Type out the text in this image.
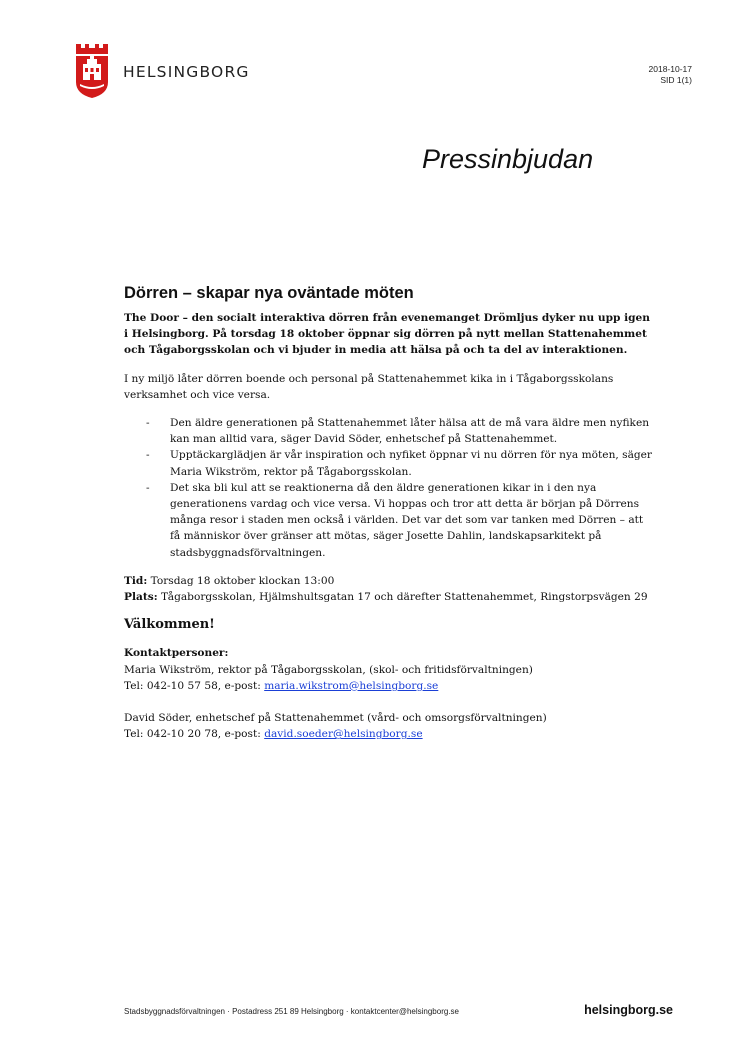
HELSINGBORG	2018-10-17
SID 1(1)
Pressinbjudan
Dörren – skapar nya oväntade möten

The Door – den socialt interaktiva dörren från evenemanget Drömljus dyker nu upp igen i Helsingborg. På torsdag 18 oktober öppnar sig dörren på nytt mellan Stattenahemmet och Tågaborgsskolan och vi bjuder in media att hälsa på och ta del av interaktionen.

I ny miljö låter dörren boende och personal på Stattenahemmet kika in i Tågaborgsskolans verksamhet och vice versa.

- Den äldre generationen på Stattenahemmet låter hälsa att de må vara äldre men nyfiken kan man alltid vara, säger David Söder, enhetschef på Stattenahemmet.
- Upptäckarglädjen är vår inspiration och nyfiket öppnar vi nu dörren för nya möten, säger Maria Wikström, rektor på Tågaborgsskolan.
- Det ska bli kul att se reaktionerna då den äldre generationen kikar in i den nya generationens vardag och vice versa. Vi hoppas och tror att detta är början på Dörrens många resor i staden men också i världen. Det var det som var tanken med Dörren – att få människor över gränser att mötas, säger Josette Dahlin, landskapsarkitekt på stadsbyggnadsförvaltningen.

Tid: Torsdag 18 oktober klockan 13:00

Plats: Tågaborgsskolan, Hjälmshultsgatan 17 och därefter Stattenahemmet, Ringstorpsvägen 29

Välkommen!

Kontaktpersoner:

Maria Wikström, rektor på Tågaborgsskolan, (skol- och fritidsförvaltningen)

Tel: 042-10 57 58, e-post: maria.wikstrom@helsingborg.se

David Söder, enhetschef på Stattenahemmet (vård- och omsorgsförvaltningen)

Tel: 042-10 20 78, e-post: david.soeder@helsingborg.se

Stadsbyggnadsförvaltningen · Postadress 251 89 Helsingborg · kontaktcenter@helsingborg.se	helsingborg.se
